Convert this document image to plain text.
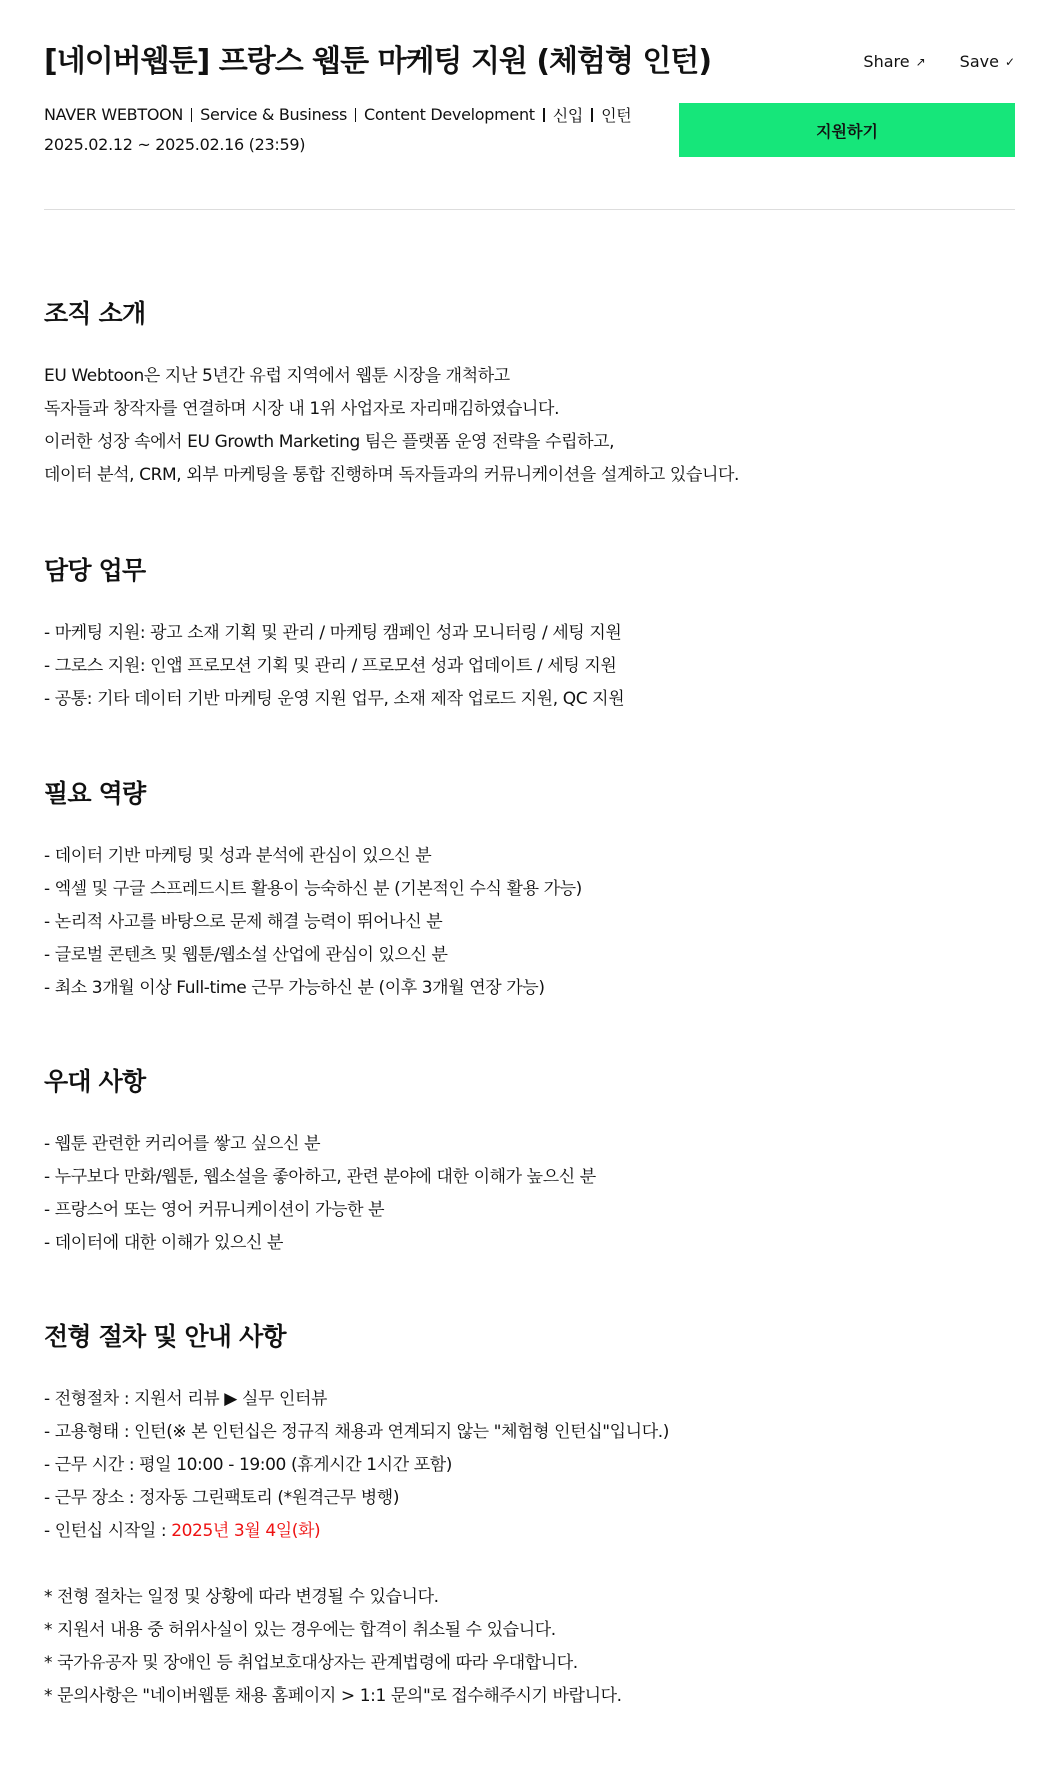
[네이버웹툰] 프랑스 웹툰 마케팅 지원 (체험형 인턴)	Share ↗ Save ✓
NAVER WEBTOON Service & Business Content Development 신입 인턴
2025.02.12 ~ 2025.02.16 (23:59)
지원하기
조직 소개
EU Webtoon은 지난 5년간 유럽 지역에서 웹툰 시장을 개척하고
독자들과 창작자를 연결하며 시장 내 1위 사업자로 자리매김하였습니다.
이러한 성장 속에서 EU Growth Marketing 팀은 플랫폼 운영 전략을 수립하고,
데이터 분석, CRM, 외부 마케팅을 통합 진행하며 독자들과의 커뮤니케이션을 설계하고 있습니다.
담당 업무
- 마케팅 지원: 광고 소재 기획 및 관리 / 마케팅 캠페인 성과 모니터링 / 세팅 지원
- 그로스 지원: 인앱 프로모션 기획 및 관리 / 프로모션 성과 업데이트 / 세팅 지원
- 공통: 기타 데이터 기반 마케팅 운영 지원 업무, 소재 제작 업로드 지원, QC 지원
필요 역량
- 데이터 기반 마케팅 및 성과 분석에 관심이 있으신 분
- 엑셀 및 구글 스프레드시트 활용이 능숙하신 분 (기본적인 수식 활용 가능)
- 논리적 사고를 바탕으로 문제 해결 능력이 뛰어나신 분
- 글로벌 콘텐츠 및 웹툰/웹소설 산업에 관심이 있으신 분
- 최소 3개월 이상 Full-time 근무 가능하신 분 (이후 3개월 연장 가능)
우대 사항
- 웹툰 관련한 커리어를 쌓고 싶으신 분
- 누구보다 만화/웹툰, 웹소설을 좋아하고, 관련 분야에 대한 이해가 높으신 분
- 프랑스어 또는 영어 커뮤니케이션이 가능한 분
- 데이터에 대한 이해가 있으신 분
전형 절차 및 안내 사항
- 전형절차 : 지원서 리뷰 ▶ 실무 인터뷰
- 고용형태 : 인턴(※ 본 인턴십은 정규직 채용과 연계되지 않는 "체험형 인턴십"입니다.)
- 근무 시간 : 평일 10:00 - 19:00 (휴게시간 1시간 포함)
- 근무 장소 : 정자동 그린팩토리 (*원격근무 병행)
- 인턴십 시작일 : 2025년 3월 4일(화)
* 전형 절차는 일정 및 상황에 따라 변경될 수 있습니다.
* 지원서 내용 중 허위사실이 있는 경우에는 합격이 취소될 수 있습니다.
* 국가유공자 및 장애인 등 취업보호대상자는 관계법령에 따라 우대합니다.
* 문의사항은 "네이버웹툰 채용 홈페이지 > 1:1 문의"로 접수해주시기 바랍니다.
